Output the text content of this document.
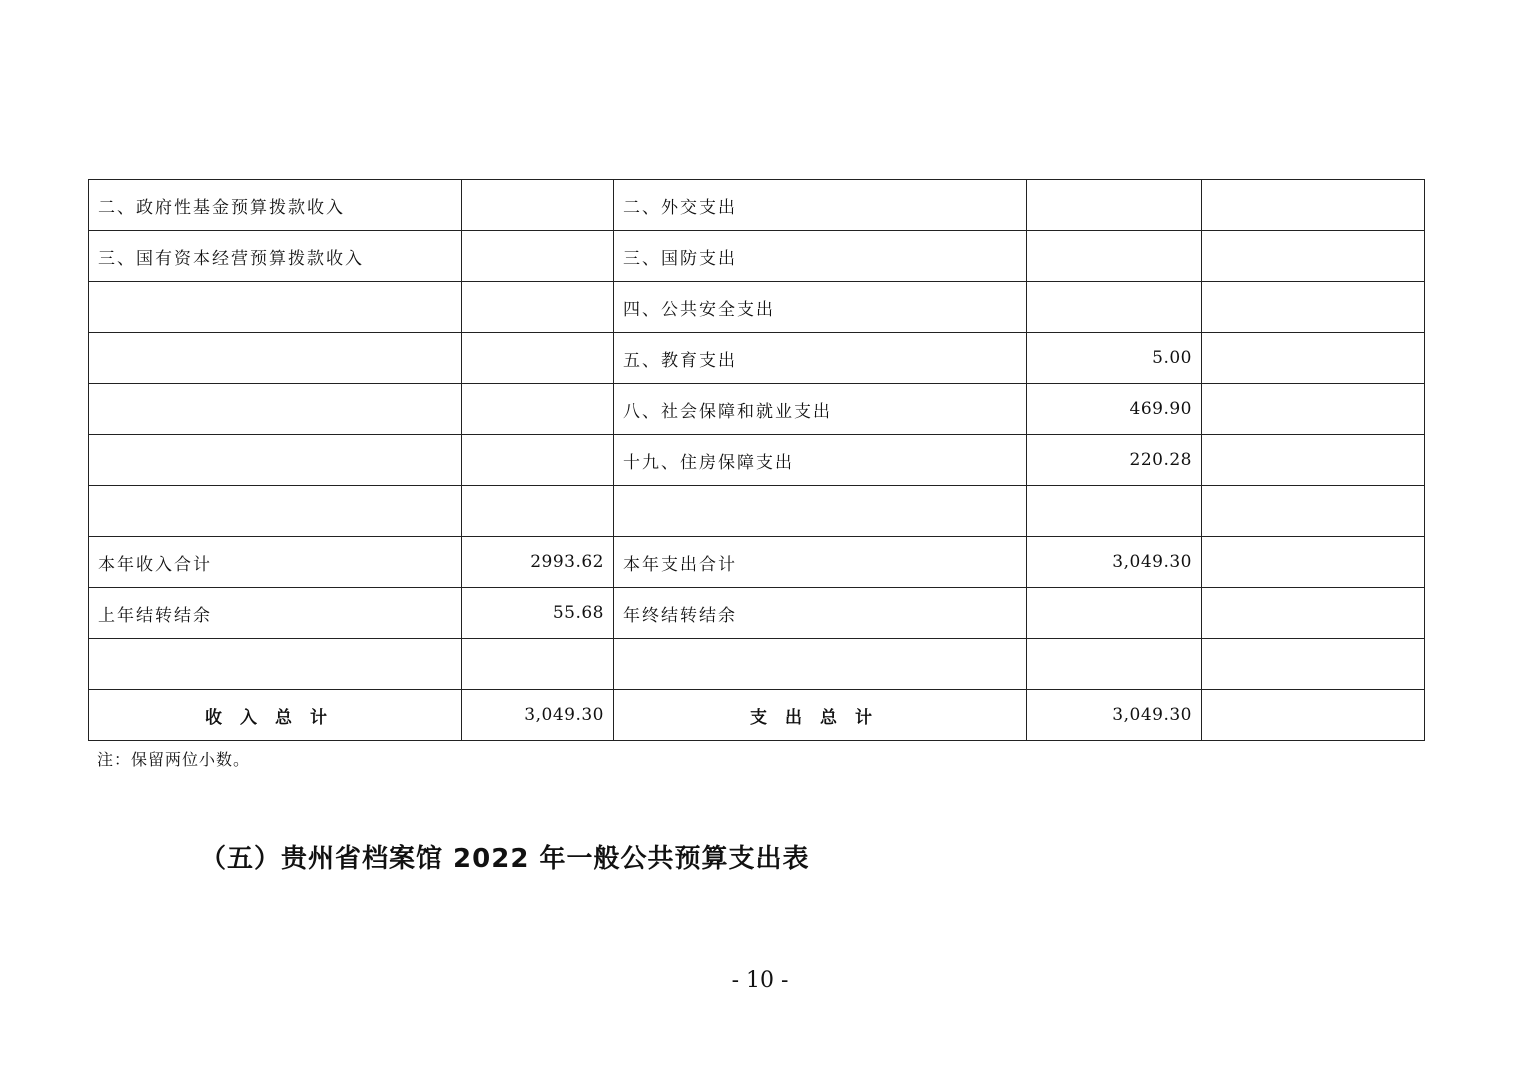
二、政府性基金预算拨款收入		二、外交支出		
三、国有资本经营预算拨款收入		三、国防支出		
		四、公共安全支出		
		五、教育支出	5.00	
		八、社会保障和就业支出	469.90	
		十九、住房保障支出	220.28	

本年收入合计	2993.62	本年支出合计	3,049.30	
上年结转结余	55.68	年终结转结余		

收入总计	3,049.30	支出总计	3,049.30	
注：保留两位小数。
（五）贵州省档案馆 2022 年一般公共预算支出表
- 10 -
